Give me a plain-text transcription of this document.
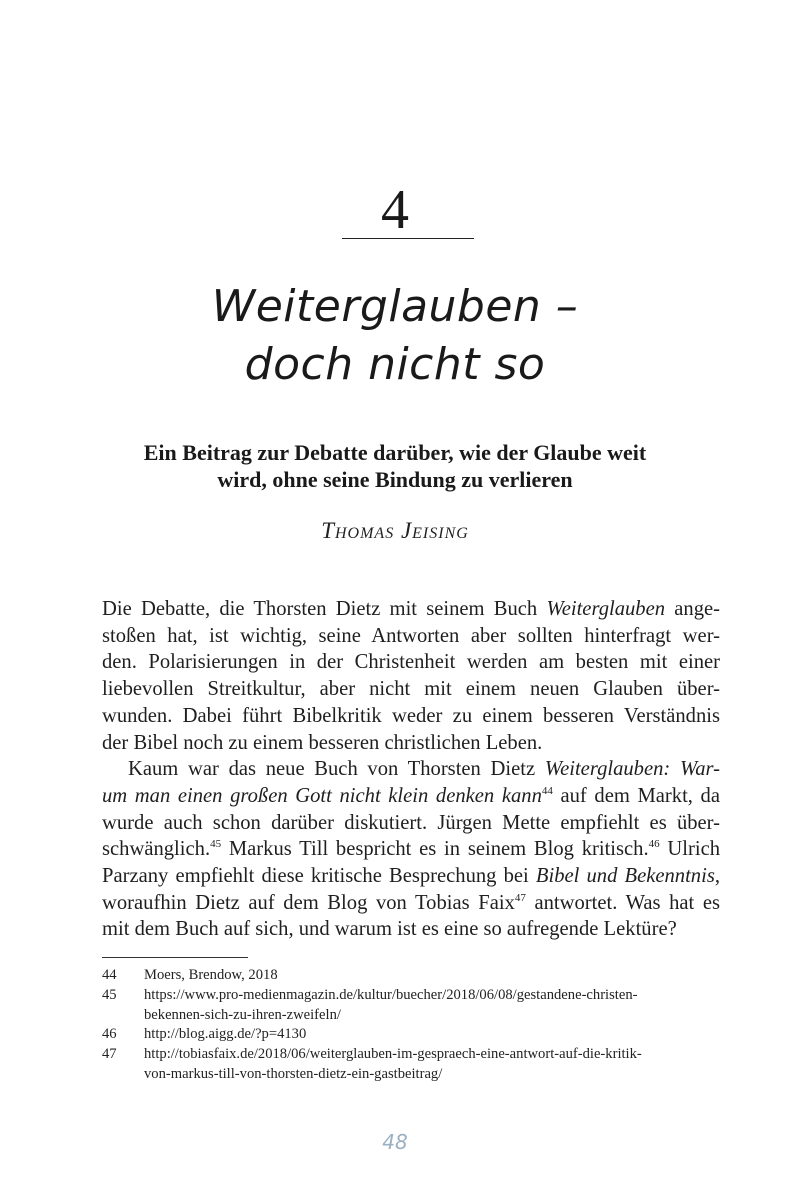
4
Weiterglauben –
doch nicht so
Ein Beitrag zur Debatte darüber, wie der Glaube weit
wird, ohne seine Bindung zu verlieren
Thomas Jeising
Die Debatte, die Thorsten Dietz mit seinem Buch Weiterglauben ange-
stoßen hat, ist wichtig, seine Antworten aber sollten hinterfragt wer-
den. Polarisierungen in der Christenheit werden am besten mit einer
liebevollen Streitkultur, aber nicht mit einem neuen Glauben über-
wunden. Dabei führt Bibelkritik weder zu einem besseren Verständnis
der Bibel noch zu einem besseren christlichen Leben.
Kaum war das neue Buch von Thorsten Dietz Weiterglauben: War-
um man einen großen Gott nicht klein denken kann$^{44}$ auf dem Markt, da
wurde auch schon darüber diskutiert. Jürgen Mette empfiehlt es über-
schwänglich.$^{45}$ Markus Till bespricht es in seinem Blog kritisch.$^{46}$ Ulrich
Parzany empfiehlt diese kritische Besprechung bei Bibel und Bekenntnis,
woraufhin Dietz auf dem Blog von Tobias Faix$^{47}$ antwortet. Was hat es
mit dem Buch auf sich, und warum ist es eine so aufregende Lektüre?
44 Moers, Brendow, 2018
45 https://www.pro-medienmagazin.de/kultur/buecher/2018/06/08/gestandene-christen-
bekennen-sich-zu-ihren-zweifeln/
46 http://blog.aigg.de/?p=4130
47 http://tobiasfaix.de/2018/06/weiterglauben-im-gespraech-eine-antwort-auf-die-kritik-
von-markus-till-von-thorsten-dietz-ein-gastbeitrag/
48
